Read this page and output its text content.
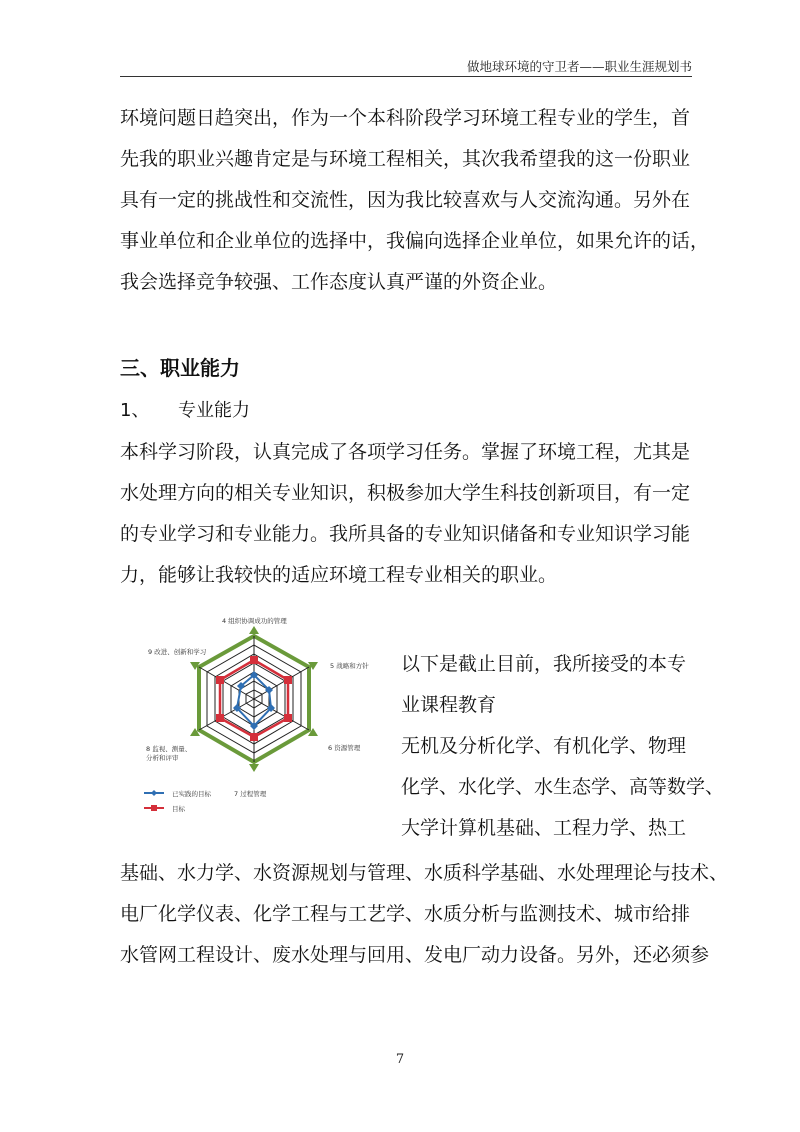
做地球环境的守卫者——职业生涯规划书
环境问题日趋突出，作为一个本科阶段学习环境工程专业的学生，首
先我的职业兴趣肯定是与环境工程相关，其次我希望我的这一份职业
具有一定的挑战性和交流性，因为我比较喜欢与人交流沟通。另外在
事业单位和企业单位的选择中，我偏向选择企业单位，如果允许的话，
我会选择竞争较强、工作态度认真严谨的外资企业。
三、职业能力
1、 专业能力
本科学习阶段，认真完成了各项学习任务。掌握了环境工程，尤其是
水处理方向的相关专业知识，积极参加大学生科技创新项目，有一定
的专业学习和专业能力。我所具备的专业知识储备和专业知识学习能
力，能够让我较快的适应环境工程专业相关的职业。
4 组织协调成功的管理
5 战略和方针
6 资源管理
7 过程管理
9 改进、创新和学习
8 监视、测量、
分析和评审
已实践的目标
目标
以下是截止目前，我所接受的本专
业课程教育
无机及分析化学、有机化学、物理
化学、水化学、水生态学、高等数学、
大学计算机基础、工程力学、热工
基础、水力学、水资源规划与管理、水质科学基础、水处理理论与技术、
电厂化学仪表、化学工程与工艺学、水质分析与监测技术、城市给排
水管网工程设计、废水处理与回用、发电厂动力设备。另外，还必须参
7
